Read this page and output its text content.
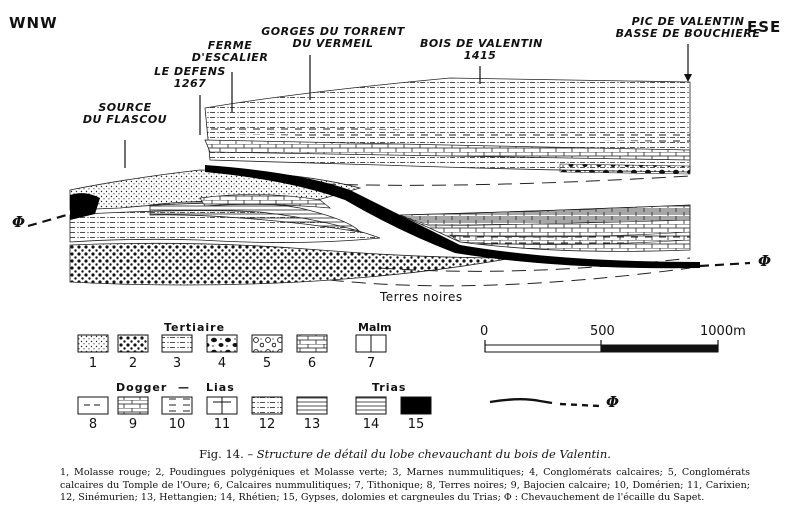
WNW	ESE
SOURCE
DU FLASCOU
LE DEFENS
1267
FERME
D'ESCALIER
GORGES DU TORRENT
DU VERMEIL	BOIS DE VALENTIN
1415
PIC DE VALENTIN
BASSE DE BOUCHIERE
Φ
Φ
Terres noires
Tertiaire	Malm
Dogger — Lias	Trias
1	2	3	4	5	6	7
8	9	10	11	12	13	14	15
0	500	1000m
Φ
Fig. 14. – Structure de détail du lobe chevauchant du bois de Valentin.
1, Molasse rouge; 2, Poudingues polygéniques et Molasse verte; 3, Marnes nummulitiques; 4, Conglomérats calcaires; 5, Conglomérats calcaires du Tomple de l'Oure; 6, Calcaires nummulitiques; 7, Tithonique; 8, Terres noires; 9, Bajocien calcaire; 10, Domérien; 11, Carixien; 12, Sinémurien; 13, Hettangien; 14, Rhétien; 15, Gypses, dolomies et cargneules du Trias; Φ : Chevauchement de l'écaille du Sapet.
